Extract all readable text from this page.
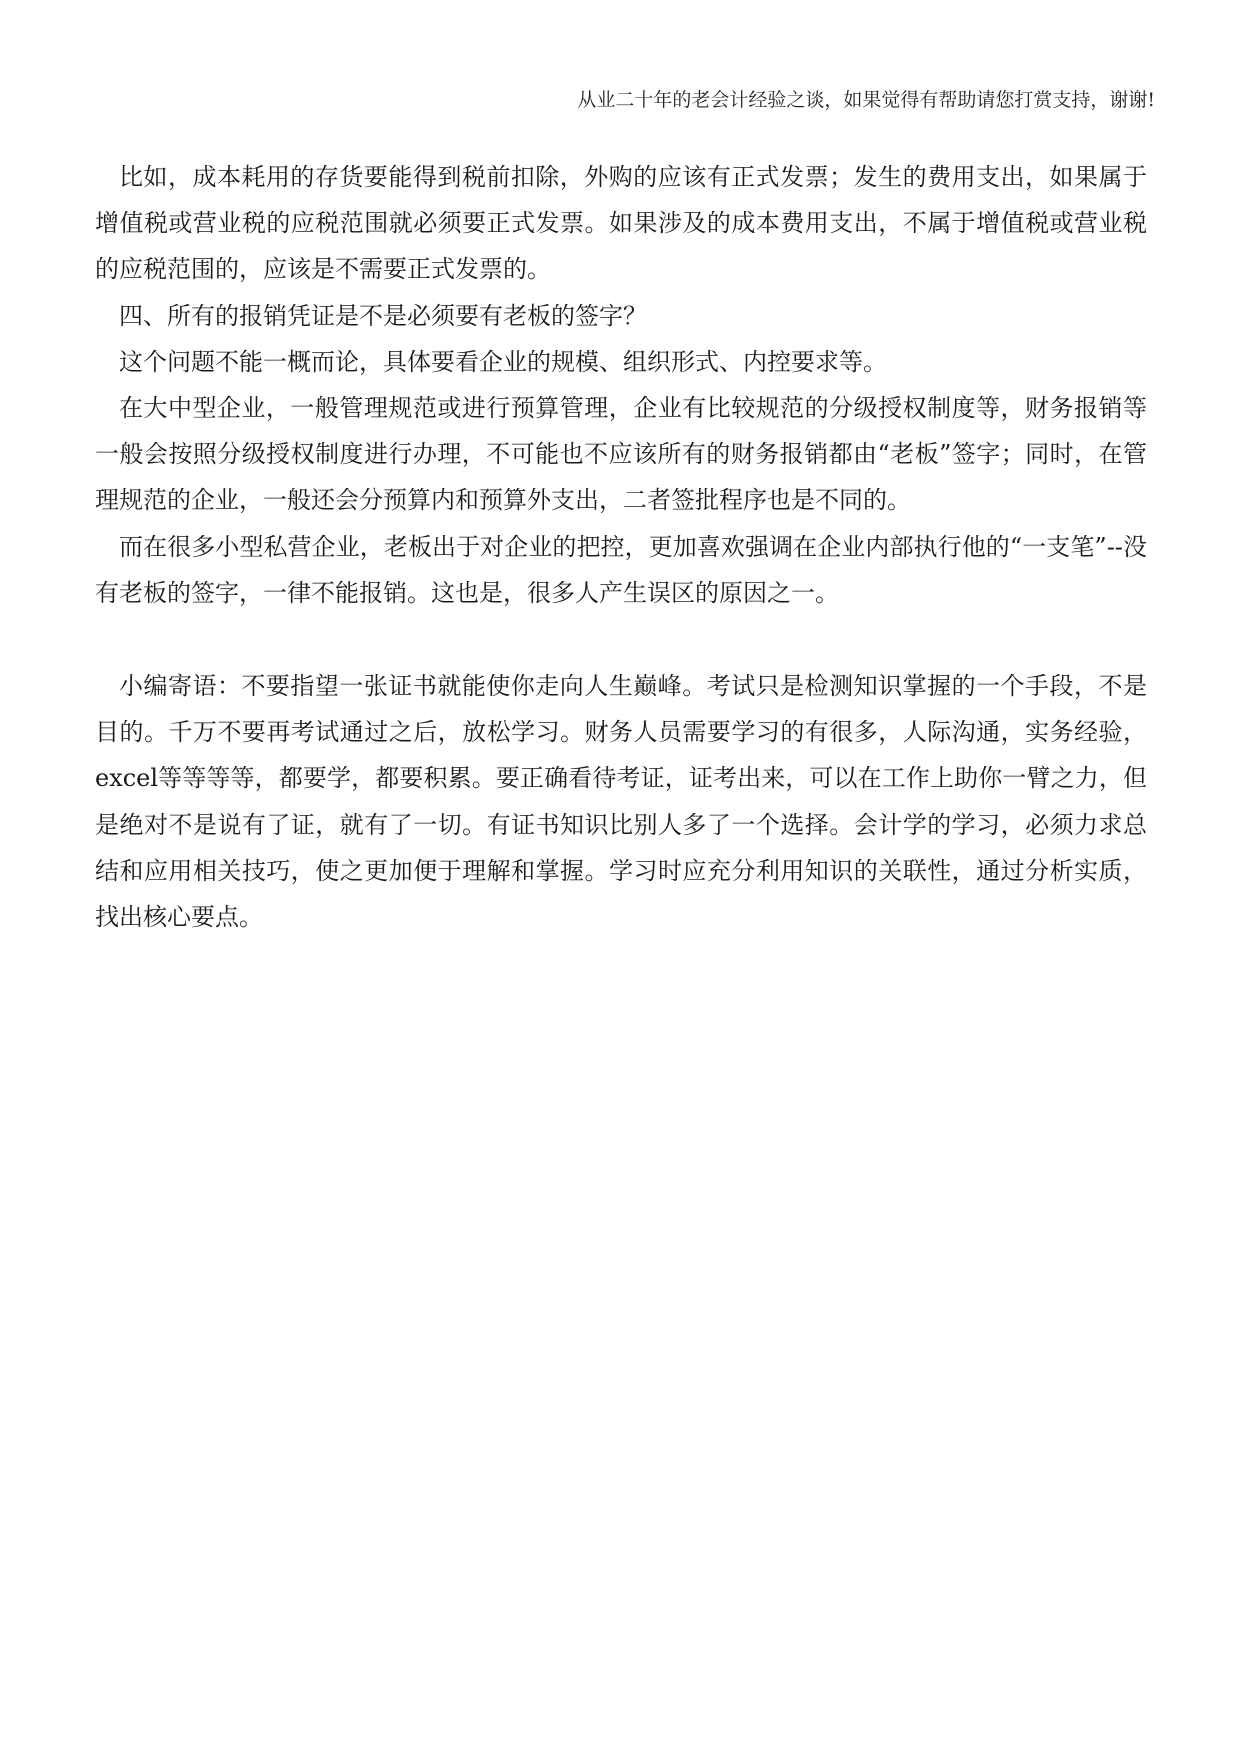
从业二十年的老会计经验之谈，如果觉得有帮助请您打赏支持，谢谢!

比如，成本耗用的存货要能得到税前扣除，外购的应该有正式发票；发生的费用支出，如果属于增值税或营业税的应税范围就必须要正式发票。如果涉及的成本费用支出，不属于增值税或营业税的应税范围的，应该是不需要正式发票的。

四、所有的报销凭证是不是必须要有老板的签字？

这个问题不能一概而论，具体要看企业的规模、组织形式、内控要求等。

在大中型企业，一般管理规范或进行预算管理，企业有比较规范的分级授权制度等，财务报销等一般会按照分级授权制度进行办理，不可能也不应该所有的财务报销都由“老板”签字；同时，在管理规范的企业，一般还会分预算内和预算外支出，二者签批程序也是不同的。

而在很多小型私营企业，老板出于对企业的把控，更加喜欢强调在企业内部执行他的“一支笔”--没有老板的签字，一律不能报销。这也是，很多人产生误区的原因之一。

小编寄语：不要指望一张证书就能使你走向人生巅峰。考试只是检测知识掌握的一个手段，不是目的。千万不要再考试通过之后，放松学习。财务人员需要学习的有很多，人际沟通，实务经验，excel等等等等，都要学，都要积累。要正确看待考证，证考出来，可以在工作上助你一臂之力，但是绝对不是说有了证，就有了一切。有证书知识比别人多了一个选择。会计学的学习，必须力求总结和应用相关技巧，使之更加便于理解和掌握。学习时应充分利用知识的关联性，通过分析实质，找出核心要点。
